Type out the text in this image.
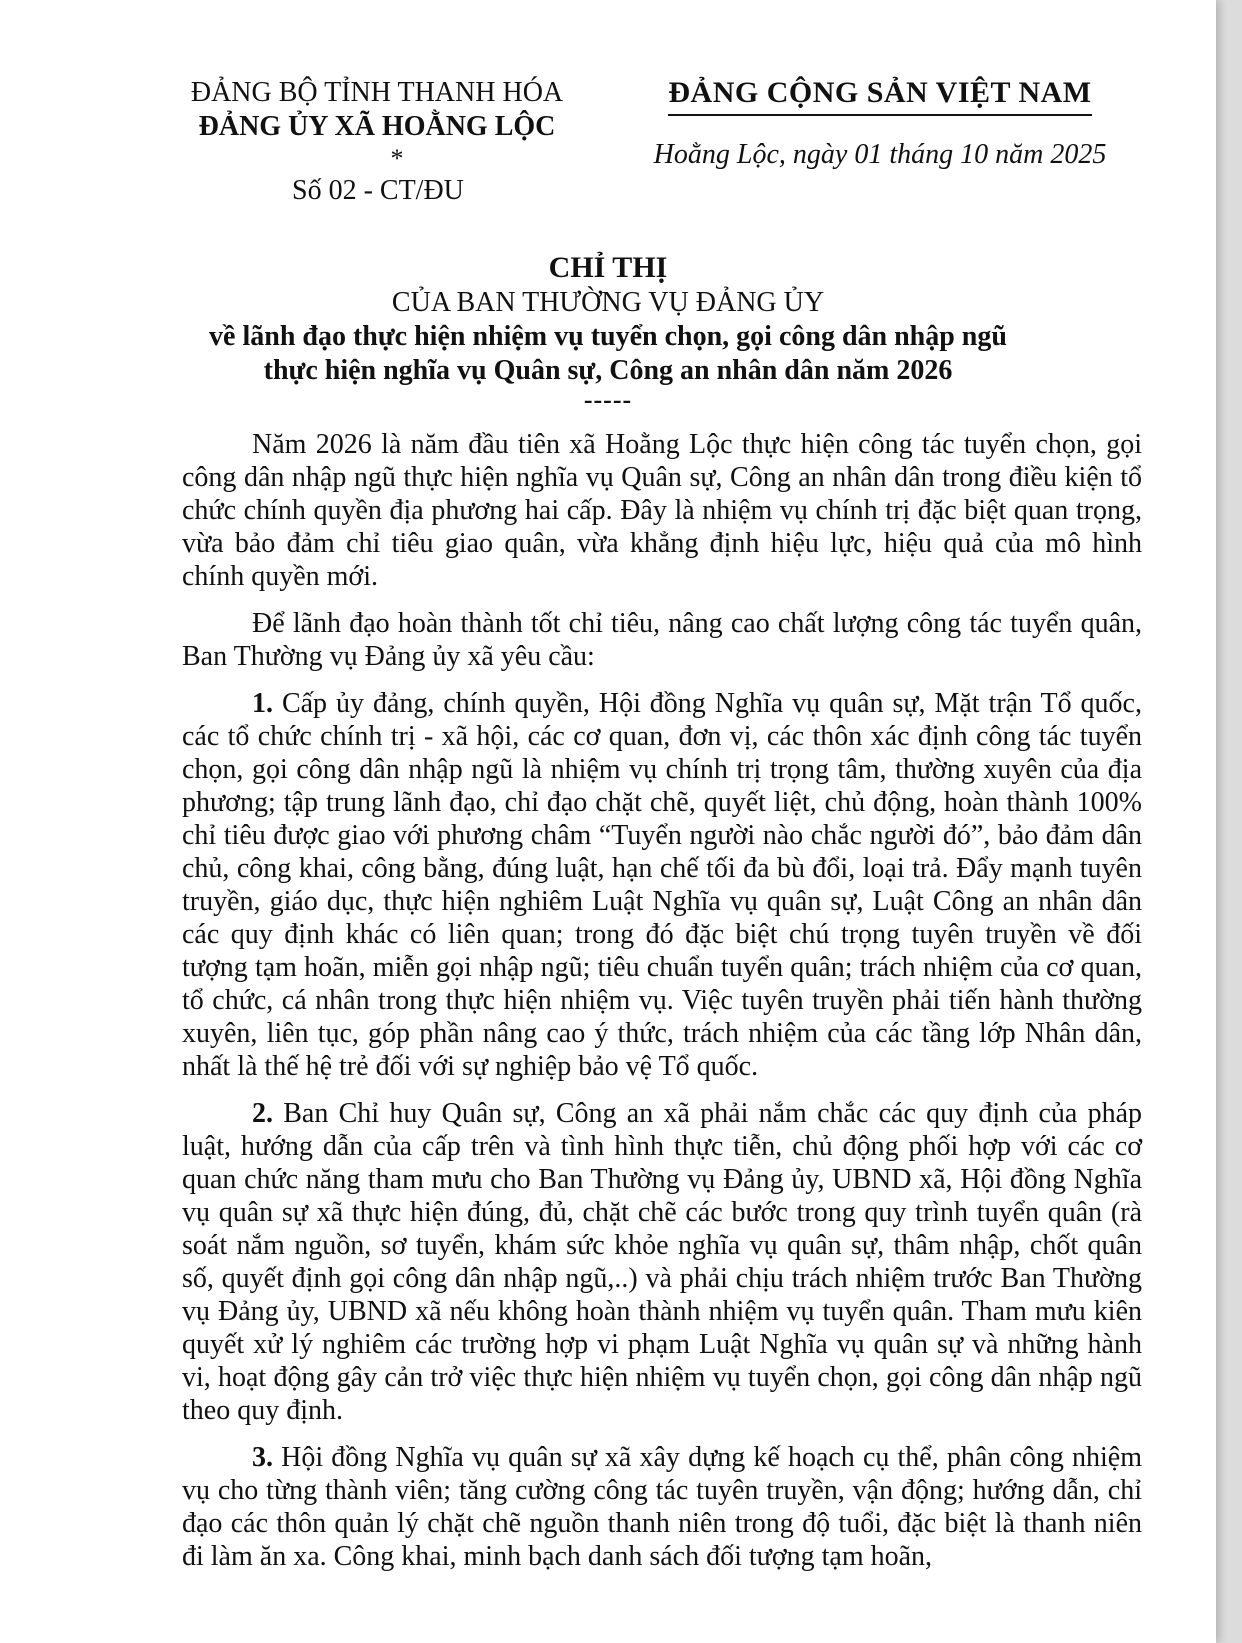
ĐẢNG BỘ TỈNH THANH HÓA
ĐẢNG ỦY XÃ HOẰNG LỘC
*
Số 02 - CT/ĐU
ĐẢNG CỘNG SẢN VIỆT NAM
Hoằng Lộc, ngày 01 tháng 10 năm 2025
CHỈ THỊ
CỦA BAN THƯỜNG VỤ ĐẢNG ỦY
về lãnh đạo thực hiện nhiệm vụ tuyển chọn, gọi công dân nhập ngũ
thực hiện nghĩa vụ Quân sự, Công an nhân dân năm 2026
-----

Năm 2026 là năm đầu tiên xã Hoằng Lộc thực hiện công tác tuyển chọn, gọi công dân nhập ngũ thực hiện nghĩa vụ Quân sự, Công an nhân dân trong điều kiện tổ chức chính quyền địa phương hai cấp. Đây là nhiệm vụ chính trị đặc biệt quan trọng, vừa bảo đảm chỉ tiêu giao quân, vừa khẳng định hiệu lực, hiệu quả của mô hình chính quyền mới.

Để lãnh đạo hoàn thành tốt chỉ tiêu, nâng cao chất lượng công tác tuyển quân, Ban Thường vụ Đảng ủy xã yêu cầu:

1. Cấp ủy đảng, chính quyền, Hội đồng Nghĩa vụ quân sự, Mặt trận Tổ quốc, các tổ chức chính trị - xã hội, các cơ quan, đơn vị, các thôn xác định công tác tuyển chọn, gọi công dân nhập ngũ là nhiệm vụ chính trị trọng tâm, thường xuyên của địa phương; tập trung lãnh đạo, chỉ đạo chặt chẽ, quyết liệt, chủ động, hoàn thành 100% chỉ tiêu được giao với phương châm “Tuyển người nào chắc người đó”, bảo đảm dân chủ, công khai, công bằng, đúng luật, hạn chế tối đa bù đổi, loại trả. Đẩy mạnh tuyên truyền, giáo dục, thực hiện nghiêm Luật Nghĩa vụ quân sự, Luật Công an nhân dân các quy định khác có liên quan; trong đó đặc biệt chú trọng tuyên truyền về đối tượng tạm hoãn, miễn gọi nhập ngũ; tiêu chuẩn tuyển quân; trách nhiệm của cơ quan, tổ chức, cá nhân trong thực hiện nhiệm vụ. Việc tuyên truyền phải tiến hành thường xuyên, liên tục, góp phần nâng cao ý thức, trách nhiệm của các tầng lớp Nhân dân, nhất là thế hệ trẻ đối với sự nghiệp bảo vệ Tổ quốc.

2. Ban Chỉ huy Quân sự, Công an xã phải nắm chắc các quy định của pháp luật, hướng dẫn của cấp trên và tình hình thực tiễn, chủ động phối hợp với các cơ quan chức năng tham mưu cho Ban Thường vụ Đảng ủy, UBND xã, Hội đồng Nghĩa vụ quân sự xã thực hiện đúng, đủ, chặt chẽ các bước trong quy trình tuyển quân (rà soát nắm nguồn, sơ tuyển, khám sức khỏe nghĩa vụ quân sự, thâm nhập, chốt quân số, quyết định gọi công dân nhập ngũ,..) và phải chịu trách nhiệm trước Ban Thường vụ Đảng ủy, UBND xã nếu không hoàn thành nhiệm vụ tuyển quân. Tham mưu kiên quyết xử lý nghiêm các trường hợp vi phạm Luật Nghĩa vụ quân sự và những hành vi, hoạt động gây cản trở việc thực hiện nhiệm vụ tuyển chọn, gọi công dân nhập ngũ theo quy định.

3. Hội đồng Nghĩa vụ quân sự xã xây dựng kế hoạch cụ thể, phân công nhiệm vụ cho từng thành viên; tăng cường công tác tuyên truyền, vận động; hướng dẫn, chỉ đạo các thôn quản lý chặt chẽ nguồn thanh niên trong độ tuổi, đặc biệt là thanh niên đi làm ăn xa. Công khai, minh bạch danh sách đối tượng tạm hoãn,
